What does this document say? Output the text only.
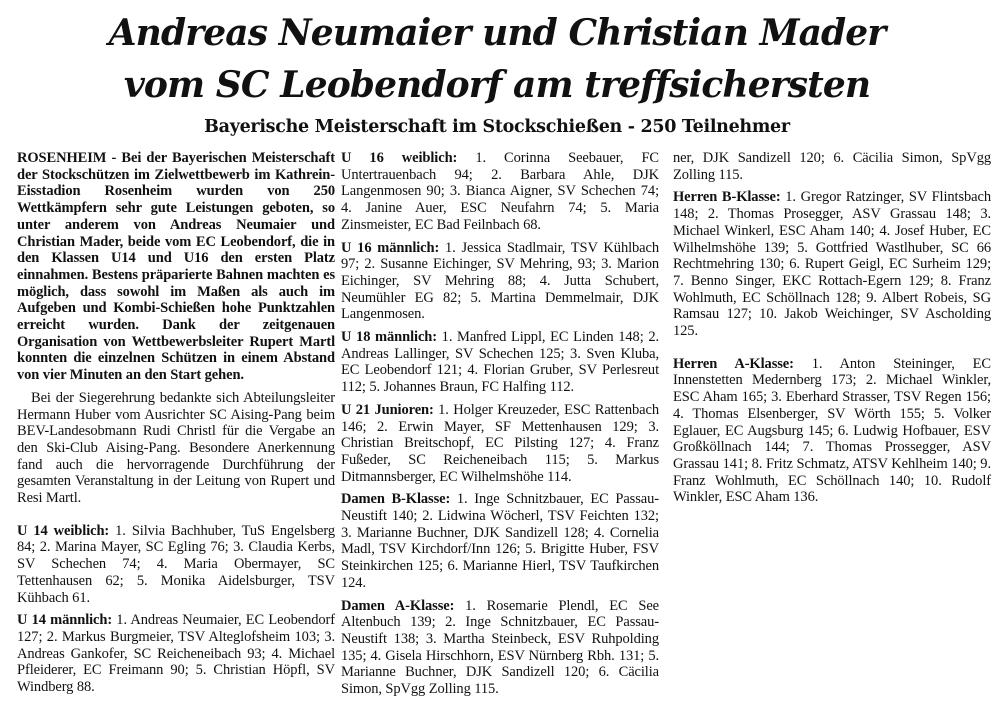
Andreas Neumaier und Christian Mader
vom SC Leobendorf am treffsichersten
Bayerische Meisterschaft im Stockschießen - 250 Teilnehmer

ROSENHEIM - Bei der Bayerischen Meisterschaft der Stockschützen im Zielwettbewerb im Kathrein-Eisstadion Rosenheim wurden von 250 Wettkämpfern sehr gute Leistungen geboten, so unter anderem von Andreas Neumaier und Christian Mader, beide vom EC Leobendorf, die in den Klassen U14 und U16 den ersten Platz einnahmen. Bestens präparierte Bahnen machten es möglich, dass sowohl im Maßen als auch im Aufgeben und Kombi-Schießen hohe Punktzahlen erreicht wurden. Dank der zeitgenauen Organisation von Wettbewerbsleiter Rupert Martl konnten die einzelnen Schützen in einem Abstand von vier Minuten an den Start gehen.

Bei der Siegerehrung bedankte sich Abteilungsleiter Hermann Huber vom Ausrichter SC Aising-Pang beim BEV-Landesobmann Rudi Christl für die Vergabe an den Ski-Club Aising-Pang. Besondere Anerkennung fand auch die hervorragende Durchführung der gesamten Veranstaltung in der Leitung von Rupert und Resi Martl.

U 14 weiblich: 1. Silvia Bachhuber, TuS Engelsberg 84; 2. Marina Mayer, SC Egling 76; 3. Claudia Kerbs, SV Schechen 74; 4. Maria Obermayer, SC Tettenhausen 62; 5. Monika Aidelsburger, TSV Kühbach 61.

U 14 männlich: 1. Andreas Neumaier, EC Leobendorf 127; 2. Markus Burgmeier, TSV Alteglofsheim 103; 3. Andreas Gankofer, SC Reicheneibach 93; 4. Michael Pfleiderer, EC Freimann 90; 5. Christian Höpfl, SV Windberg 88.

U 16 weiblich: 1. Corinna Seebauer, FC Untertrauenbach 94; 2. Barbara Ahle, DJK Langenmosen 90; 3. Bianca Aigner, SV Schechen 74; 4. Janine Auer, ESC Neufahrn 74; 5. Maria Zinsmeister, EC Bad Feilnbach 68.

U 16 männlich: 1. Jessica Stadlmair, TSV Kühlbach 97; 2. Susanne Eichinger, SV Mehring, 93; 3. Marion Eichinger, SV Mehring 88; 4. Jutta Schubert, Neumühler EG 82; 5. Martina Demmelmair, DJK Langenmosen.

U 18 männlich: 1. Manfred Lippl, EC Linden 148; 2. Andreas Lallinger, SV Schechen 125; 3. Sven Kluba, EC Leobendorf 121; 4. Florian Gruber, SV Perlesreut 112; 5. Johannes Braun, FC Halfing 112.

U 21 Junioren: 1. Holger Kreuzeder, ESC Rattenbach 146; 2. Erwin Mayer, SF Mettenhausen 129; 3. Christian Breitschopf, EC Pilsting 127; 4. Franz Fußeder, SC Reicheneibach 115; 5. Markus Ditmannsberger, EC Wilhelmshöhe 114.

Damen B-Klasse: 1. Inge Schnitzbauer, EC Passau-Neustift 140; 2. Lidwina Wöcherl, TSV Feichten 132; 3. Marianne Buchner, DJK Sandizell 128; 4. Cornelia Madl, TSV Kirchdorf/Inn 126; 5. Brigitte Huber, FSV Steinkirchen 125; 6. Marianne Hierl, TSV Taufkirchen 124.

Damen A-Klasse: 1. Rosemarie Plendl, EC See Altenbuch 139; 2. Inge Schnitzbauer, EC Passau-Neustift 138; 3. Martha Steinbeck, ESV Ruhpolding 135; 4. Gisela Hirschhorn, ESV Nürnberg Rbh. 131; 5. Marianne Buchner, DJK Sandizell 120; 6. Cäcilia Simon, SpVgg Zolling 115.

ner, DJK Sandizell 120; 6. Cäcilia Simon, SpVgg Zolling 115.

Herren B-Klasse: 1. Gregor Ratzinger, SV Flintsbach 148; 2. Thomas Prosegger, ASV Grassau 148; 3. Michael Winkerl, ESC Aham 140; 4. Josef Huber, EC Wilhelmshöhe 139; 5. Gottfried Wastlhuber, SC 66 Rechtmehring 130; 6. Rupert Geigl, EC Surheim 129; 7. Benno Singer, EKC Rottach-Egern 129; 8. Franz Wohlmuth, EC Schöllnach 128; 9. Albert Robeis, SG Ramsau 127; 10. Jakob Weichinger, SV Ascholding 125.

Herren A-Klasse: 1. Anton Steininger, EC Innenstetten Medernberg 173; 2. Michael Winkler, ESC Aham 165; 3. Eberhard Strasser, TSV Regen 156; 4. Thomas Elsenberger, SV Wörth 155; 5. Volker Eglauer, EC Augsburg 145; 6. Ludwig Hofbauer, ESV Großköllnach 144; 7. Thomas Prossegger, ASV Grassau 141; 8. Fritz Schmatz, ATSV Kehlheim 140; 9. Franz Wohlmuth, EC Schöllnach 140; 10. Rudolf Winkler, ESC Aham 136.
